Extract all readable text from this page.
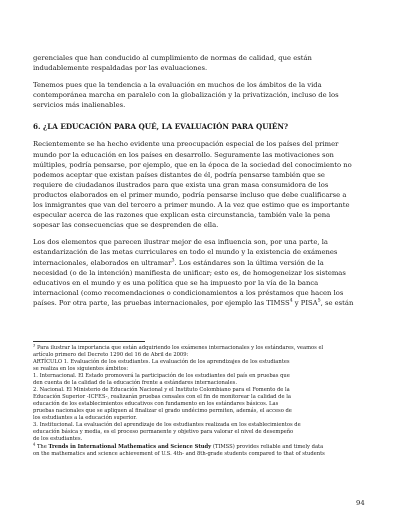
gerenciales que han conducido al cumplimiento de normas de calidad, que están
indudablemente respaldadas por las evaluaciones.
Tenemos pues que la tendencia a la evaluación en muchos de los ámbitos de la vida
contemporánea marcha en paralelo con la globalización y la privatización, incluso de los
servicios más inalienables.
6. ¿LA EDUCACIÓN PARA QUÉ, LA EVALUACIÓN PARA QUIÉN?
Recientemente se ha hecho evidente una preocupación especial de los países del primer
mundo por la educación en los países en desarrollo. Seguramente las motivaciones son
múltiples, podría pensarse, por ejemplo, que en la época de la sociedad del conocimiento no
podemos aceptar que existan países distantes de él, podría pensarse también que se
requiere de ciudadanos ilustrados para que exista una gran masa consumidora de los
productos elaborados en el primer mundo, podría pensarse incluso que debe cualificarse a
los inmigrantes que van del tercero a primer mundo. A la vez que estimo que es importante
especular acerca de las razones que explican esta circunstancia, también vale la pena
sopesar las consecuencias que se desprenden de ella.
Los dos elementos que parecen ilustrar mejor de esa influencia son, por una parte, la
estandarización de las metas curriculares en todo el mundo y la existencia de exámenes
internacionales, elaborados en ultramar$^3$. Los estándares son la última versión de la
necesidad (o de la intención) manifiesta de unificar; esto es, de homogeneizar los sistemas
educativos en el mundo y es una política que se ha impuesto por la vía de la banca
internacional (como recomendaciones o condicionamientos a los préstamos que hacen los
países. Por otra parte, las pruebas internacionales, por ejemplo las TIMSS$^4$ y PISA$^5$, se están
$^3$ Para ilustrar la importancia que están adquiriendo los exámenes internacionales y los estándares, veamos el
artículo primero del Decreto 1290 del 16 de Abril de 2009:
ARTÍCULO 1. Evaluación de los estudiantes. La evaluación de los aprendizajes de los estudiantes
se realiza en los siguientes ámbitos:
1. Internacional. El Estado promoverá la participación de los estudiantes del país en pruebas que
den cuenta de la calidad de la educación frente a estándares internacionales.
2. Nacional. El Ministerio de Educación Nacional y el Instituto Colombiano para el Fomento de la
Educación Superior -ICFES-, realizarán pruebas censales con el fin de monitorear la calidad de la
educación de los establecimientos educativos con fundamento en los estándares básicos. Las
pruebas nacionales que se apliquen al finalizar el grado undécimo permiten, además, el acceso de
los estudiantes a la educación superior.
3. Institucional. La evaluación del aprendizaje de los estudiantes realizada en los establecimientos de
educación básica y media, es el proceso permanente y objetivo para valorar el nivel de desempeño
de los estudiantes.
$^4$ The Trends in International Mathematics and Science Study (TIMSS) provides reliable and timely data
on the mathematics and science achievement of U.S. 4th- and 8th-grade students compared to that of students
94
